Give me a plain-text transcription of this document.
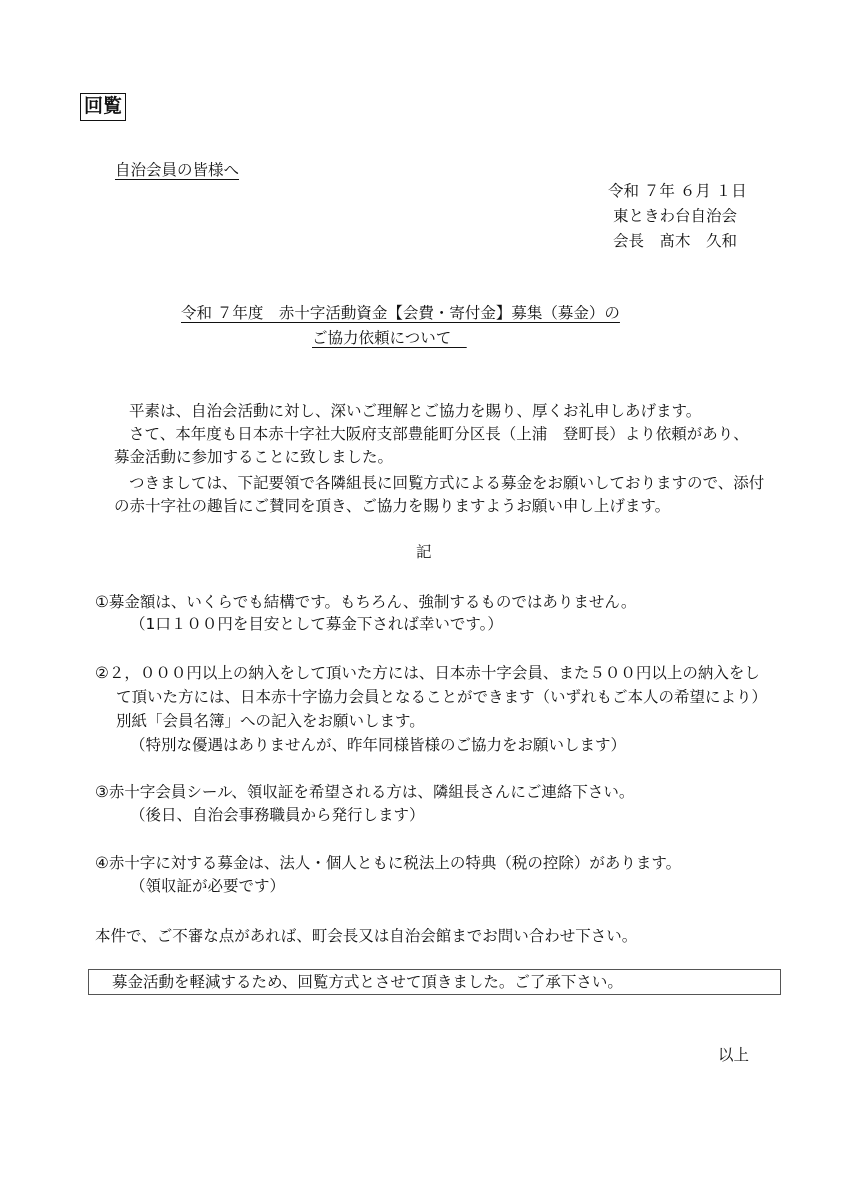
回覧
自治会員の皆様へ
令和 ７年 ６月 １日
東ときわ台自治会
会長　髙木　久和
令和 ７年度　赤十字活動資金【会費・寄付金】募集（募金）の
ご協力依頼について　
平素は、自治会活動に対し、深いご理解とご協力を賜り、厚くお礼申しあげます。
さて、本年度も日本赤十字社大阪府支部豊能町分区長（上浦　登町長）より依頼があり、
募金活動に参加することに致しました。
つきましては、下記要領で各隣組長に回覧方式による募金をお願いしておりますので、添付
の赤十字社の趣旨にご賛同を頂き、ご協力を賜りますようお願い申し上げます。
記
①募金額は、いくらでも結構です。もちろん、強制するものではありません。
（1口１００円を目安として募金下されば幸いです。）
②２，０００円以上の納入をして頂いた方には、日本赤十字会員、また５００円以上の納入をし
て頂いた方には、日本赤十字協力会員となることができます（いずれもご本人の希望により）
別紙「会員名簿」への記入をお願いします。
（特別な優遇はありませんが、昨年同様皆様のご協力をお願いします）
③赤十字会員シール、領収証を希望される方は、隣組長さんにご連絡下さい。
（後日、自治会事務職員から発行します）
④赤十字に対する募金は、法人・個人ともに税法上の特典（税の控除）があります。
（領収証が必要です）
本件で、ご不審な点があれば、町会長又は自治会館までお問い合わせ下さい。
募金活動を軽減するため、回覧方式とさせて頂きました。ご了承下さい。
以上
